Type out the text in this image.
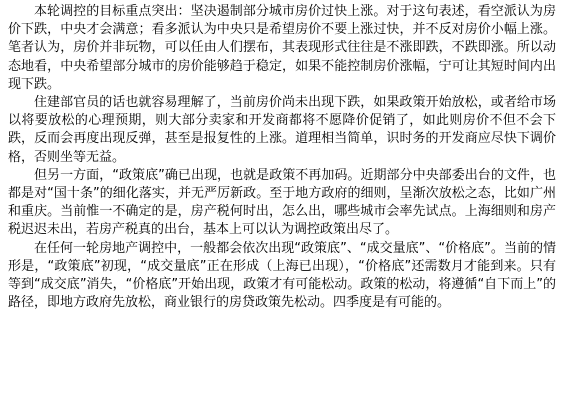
本轮调控的目标重点突出：坚决遏制部分城市房价过快上涨。对于这句表述，看空派认为房价下跌，中央才会满意；看多派认为中央只是希望房价不要上涨过快，并不反对房价小幅上涨。笔者认为，房价并非玩物，可以任由人们摆布，其表现形式往往是不涨即跌，不跌即涨。所以动态地看，中央希望部分城市的房价能够趋于稳定，如果不能控制房价涨幅，宁可让其短时间内出现下跌。

住建部官员的话也就容易理解了，当前房价尚未出现下跌，如果政策开始放松，或者给市场以将要放松的心理预期，则大部分卖家和开发商都将不愿降价促销了，如此则房价不但不会下跌，反而会再度出现反弹，甚至是报复性的上涨。道理相当简单，识时务的开发商应尽快下调价格，否则坐等无益。

但另一方面，“政策底”确已出现，也就是政策不再加码。近期部分中央部委出台的文件，也都是对“国十条”的细化落实，并无严厉新政。至于地方政府的细则，呈渐次放松之态，比如广州和重庆。当前惟一不确定的是，房产税何时出，怎么出，哪些城市会率先试点。上海细则和房产税迟迟未出，若房产税真的出台，基本上可以认为调控政策出尽了。

在任何一轮房地产调控中，一般都会依次出现“政策底”、“成交量底”、“价格底”。当前的情形是，“政策底”初现，“成交量底”正在形成（上海已出现），“价格底”还需数月才能到来。只有等到“成交底”消失，“价格底”开始出现，政策才有可能松动。政策的松动，将遵循“自下而上”的路径，即地方政府先放松，商业银行的房贷政策先松动。四季度是有可能的。
